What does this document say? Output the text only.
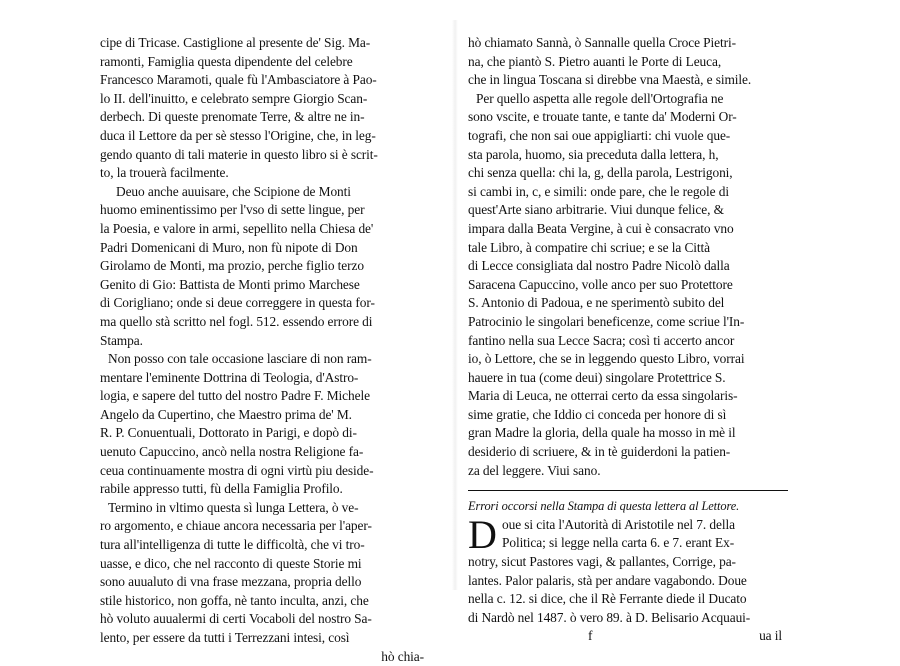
cipe di Tricase. Castiglione al presente de' Sig. Ma-
ramonti, Famiglia questa dipendente del celebre
Francesco Maramoti, quale fù l'Ambasciatore à Pao-
lo II. dell'inuitto, e celebrato sempre Giorgio Scan-
derbech. Di queste prenomate Terre, & altre ne in-
duca il Lettore da per sè stesso l'Origine, che, in leg-
gendo quanto di tali materie in questo libro si è scrit-
to, la trouerà facilmente.
Deuo anche auuisare, che Scipione de Monti
huomo eminentissimo per l'vso di sette lingue, per
la Poesia, e valore in armi, sepellito nella Chiesa de'
Padri Domenicani di Muro, non fù nipote di Don
Girolamo de Monti, ma prozio, perche figlio terzo
Genito di Gio: Battista de Monti primo Marchese
di Corigliano; onde si deue correggere in questa for-
ma quello stà scritto nel fogl. 512. essendo errore di
Stampa.
Non posso con tale occasione lasciare di non ram-
mentare l'eminente Dottrina di Teologia, d'Astro-
logia, e sapere del tutto del nostro Padre F. Michele
Angelo da Cupertino, che Maestro prima de' M.
R. P. Conuentuali, Dottorato in Parigi, e dopò di-
uenuto Capuccino, ancò nella nostra Religione fa-
ceua continuamente mostra di ogni virtù piu deside-
rabile appresso tutti, fù della Famiglia Profilo.
Termino in vltimo questa sì lunga Lettera, ò ve-
ro argomento, e chiaue ancora necessaria per l'aper-
tura all'intelligenza di tutte le difficoltà, che vi tro-
uasse, e dico, che nel racconto di queste Storie mi
sono auualuto di vna frase mezzana, propria dello
stile historico, non goffa, nè tanto inculta, anzi, che
hò voluto auualermi di certi Vocaboli del nostro Sa-
lento, per essere da tutti i Terrezzani intesi, così
hò chia-
hò chiamato Sannà, ò Sannalle quella Croce Pietri-
na, che piantò S. Pietro auanti le Porte di Leuca,
che in lingua Toscana si direbbe vna Maestà, e simile.
Per quello aspetta alle regole dell'Ortografia ne
sono vscite, e trouate tante, e tante da' Moderni Or-
tografi, che non sai oue appigliarti: chi vuole que-
sta parola, huomo, sia preceduta dalla lettera, h,
chi senza quella: chi la, g, della parola, Lestrigoni,
si cambi in, c, e simili: onde pare, che le regole di
quest'Arte siano arbitrarie. Viui dunque felice, &
impara dalla Beata Vergine, à cui è consacrato vno
tale Libro, à compatire chi scriue; e se la Città
di Lecce consigliata dal nostro Padre Nicolò dalla
Saracena Capuccino, volle anco per suo Protettore
S. Antonio di Padoua, e ne sperimentò subito del
Patrocinio le singolari beneficenze, come scriue l'In-
fantino nella sua Lecce Sacra; così ti accerto ancor
io, ò Lettore, che se in leggendo questo Libro, vorrai
hauere in tua (come deui) singolare Protettrice S.
Maria di Leuca, ne otterrai certo da essa singolaris-
sime gratie, che Iddio ci conceda per honore di sì
gran Madre la gloria, della quale ha mosso in mè il
desiderio di scriuere, & in tè guiderdoni la patien-
za del leggere. Viui sano.
Errori occorsi nella Stampa di questa lettera al Lettore.
D oue si cita l'Autorità di Aristotile nel 7. della
Politica; si legge nella carta 6. e 7. erant Ex-
notry, sicut Pastores vagi, & pallantes, Corrige, pa-
lantes. Palor palaris, stà per andare vagabondo. Doue
nella c. 12. si dice, che il Rè Ferrante diede il Ducato
di Nardò nel 1487. ò vero 89. à D. Belisario Acquaui-
f	ua il
